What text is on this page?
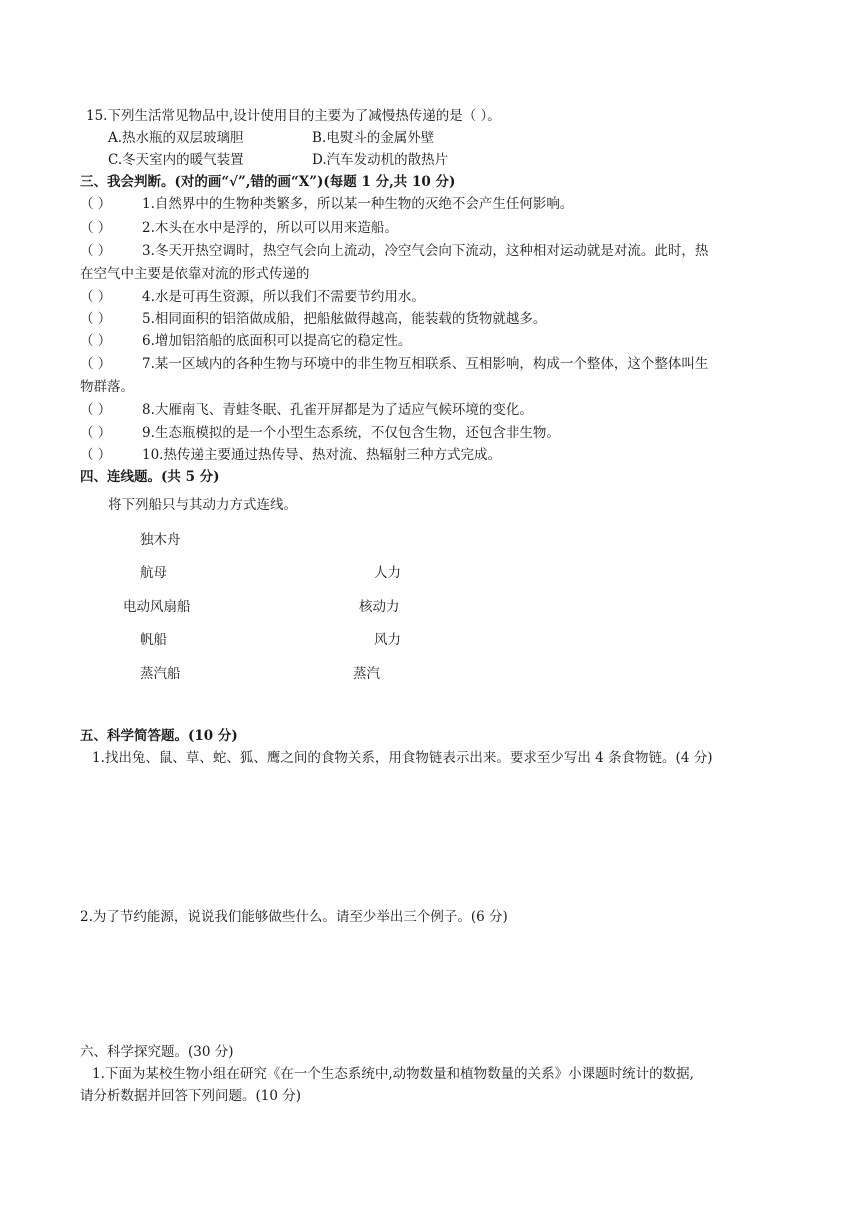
15.下列生活常见物品中,设计使用目的主要为了减慢热传递的是（ ）。
A.热水瓶的双层玻璃胆	B.电熨斗的金属外壁
C.冬天室内的暖气装置	D.汽车发动机的散热片
三、我会判断。(对的画“√”,错的画“X”)(每题 1 分,共 10 分)
（ ） 1.自然界中的生物种类繁多，所以某一种生物的灭绝不会产生任何影响。
（ ） 2.木头在水中是浮的，所以可以用来造船。
（ ） 3.冬天开热空调时，热空气会向上流动，冷空气会向下流动，这种相对运动就是对流。此时，热
在空气中主要是依靠对流的形式传递的
（ ） 4.水是可再生资源，所以我们不需要节约用水。
（ ） 5.相同面积的铝箔做成船，把船舷做得越高，能装载的货物就越多。
（ ） 6.增加铝箔船的底面积可以提高它的稳定性。
（ ） 7.某一区域内的各种生物与环境中的非生物互相联系、互相影响，构成一个整体，这个整体叫生
物群落。
（ ） 8.大雁南飞、青蛙冬眠、孔雀开屏都是为了适应气候环境的变化。
（ ） 9.生态瓶模拟的是一个小型生态系统，不仅包含生物，还包含非生物。
（ ） 10.热传递主要通过热传导、热对流、热辐射三种方式完成。
四、连线题。(共 5 分)
将下列船只与其动力方式连线。
独木舟
航母
电动风扇船
帆船
蒸汽船
人力
核动力
风力
蒸汽
五、科学简答题。(10 分)
1.找出兔、鼠、草、蛇、狐、鹰之间的食物关系，用食物链表示出来。要求至少写出 4 条食物链。(4 分)
2.为了节约能源，说说我们能够做些什么。请至少举出三个例子。(6 分)
六、科学探究题。(30 分)
1.下面为某校生物小组在研究《在一个生态系统中,动物数量和植物数量的关系》小课题时统计的数据,
请分析数据并回答下列问题。(10 分)
